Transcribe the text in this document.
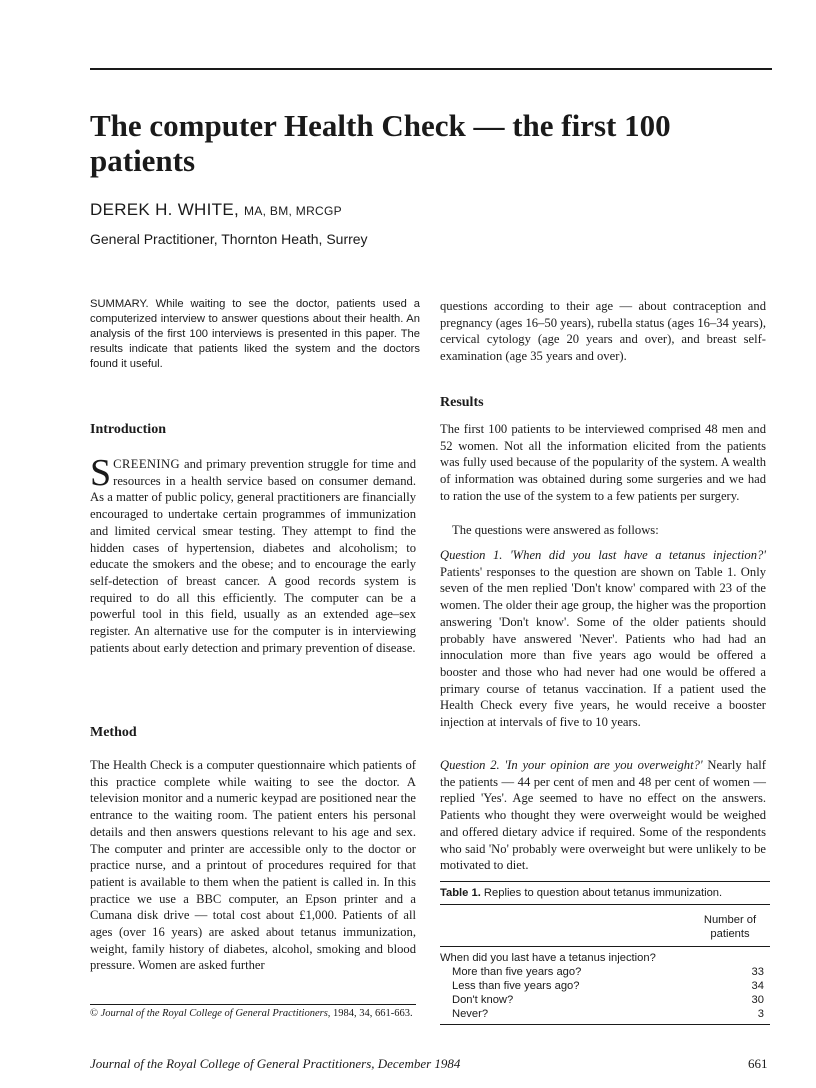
The computer Health Check — the first 100 patients
DEREK H. WHITE, MA, BM, MRCGP
General Practitioner, Thornton Heath, Surrey

SUMMARY. While waiting to see the doctor, patients used a computerized interview to answer questions about their health. An analysis of the first 100 interviews is presented in this paper. The results indicate that patients liked the system and the doctors found it useful.

Introduction

SCREENING and primary prevention struggle for time and resources in a health service based on consumer demand. As a matter of public policy, general practitioners are financially encouraged to undertake certain programmes of immunization and limited cervical smear testing. They attempt to find the hidden cases of hypertension, diabetes and alcoholism; to educate the smokers and the obese; and to encourage the early self-detection of breast cancer. A good records system is required to do all this efficiently. The computer can be a powerful tool in this field, usually as an extended age–sex register. An alternative use for the computer is in interviewing patients about early detection and primary prevention of disease.

Method

The Health Check is a computer questionnaire which patients of this practice complete while waiting to see the doctor. A television monitor and a numeric keypad are positioned near the entrance to the waiting room. The patient enters his personal details and then answers questions relevant to his age and sex. The computer and printer are accessible only to the doctor or practice nurse, and a printout of procedures required for that patient is available to them when the patient is called in. In this practice we use a BBC computer, an Epson printer and a Cumana disk drive — total cost about £1,000. Patients of all ages (over 16 years) are asked about tetanus immunization, weight, family history of diabetes, alcohol, smoking and blood pressure. Women are asked further

© Journal of the Royal College of General Practitioners, 1984, 34, 661-663.

questions according to their age — about contraception and pregnancy (ages 16–50 years), rubella status (ages 16–34 years), cervical cytology (age 20 years and over), and breast self-examination (age 35 years and over).

Results

The first 100 patients to be interviewed comprised 48 men and 52 women. Not all the information elicited from the patients was fully used because of the popularity of the system. A wealth of information was obtained during some surgeries and we had to ration the use of the system to a few patients per surgery.

The questions were answered as follows:

Question 1. 'When did you last have a tetanus injection?' Patients' responses to the question are shown on Table 1. Only seven of the men replied 'Don't know' compared with 23 of the women. The older their age group, the higher was the proportion answering 'Don't know'. Some of the older patients should probably have answered 'Never'. Patients who had had an innoculation more than five years ago would be offered a booster and those who had never had one would be offered a primary course of tetanus vaccination. If a patient used the Health Check every five years, he would receive a booster injection at intervals of five to 10 years.

Question 2. 'In your opinion are you overweight?' Nearly half the patients — 44 per cent of men and 48 per cent of women — replied 'Yes'. Age seemed to have no effect on the answers. Patients who thought they were overweight would be weighed and offered dietary advice if required. Some of the respondents who said 'No' probably were overweight but were unlikely to be motivated to diet.

Table 1. Replies to question about tetanus immunization.
Number of
patients
When did you last have a tetanus injection?
More than five years ago?	33
Less than five years ago?	34
Don't know?	30
Never?	3
Journal of the Royal College of General Practitioners, December 1984	661
